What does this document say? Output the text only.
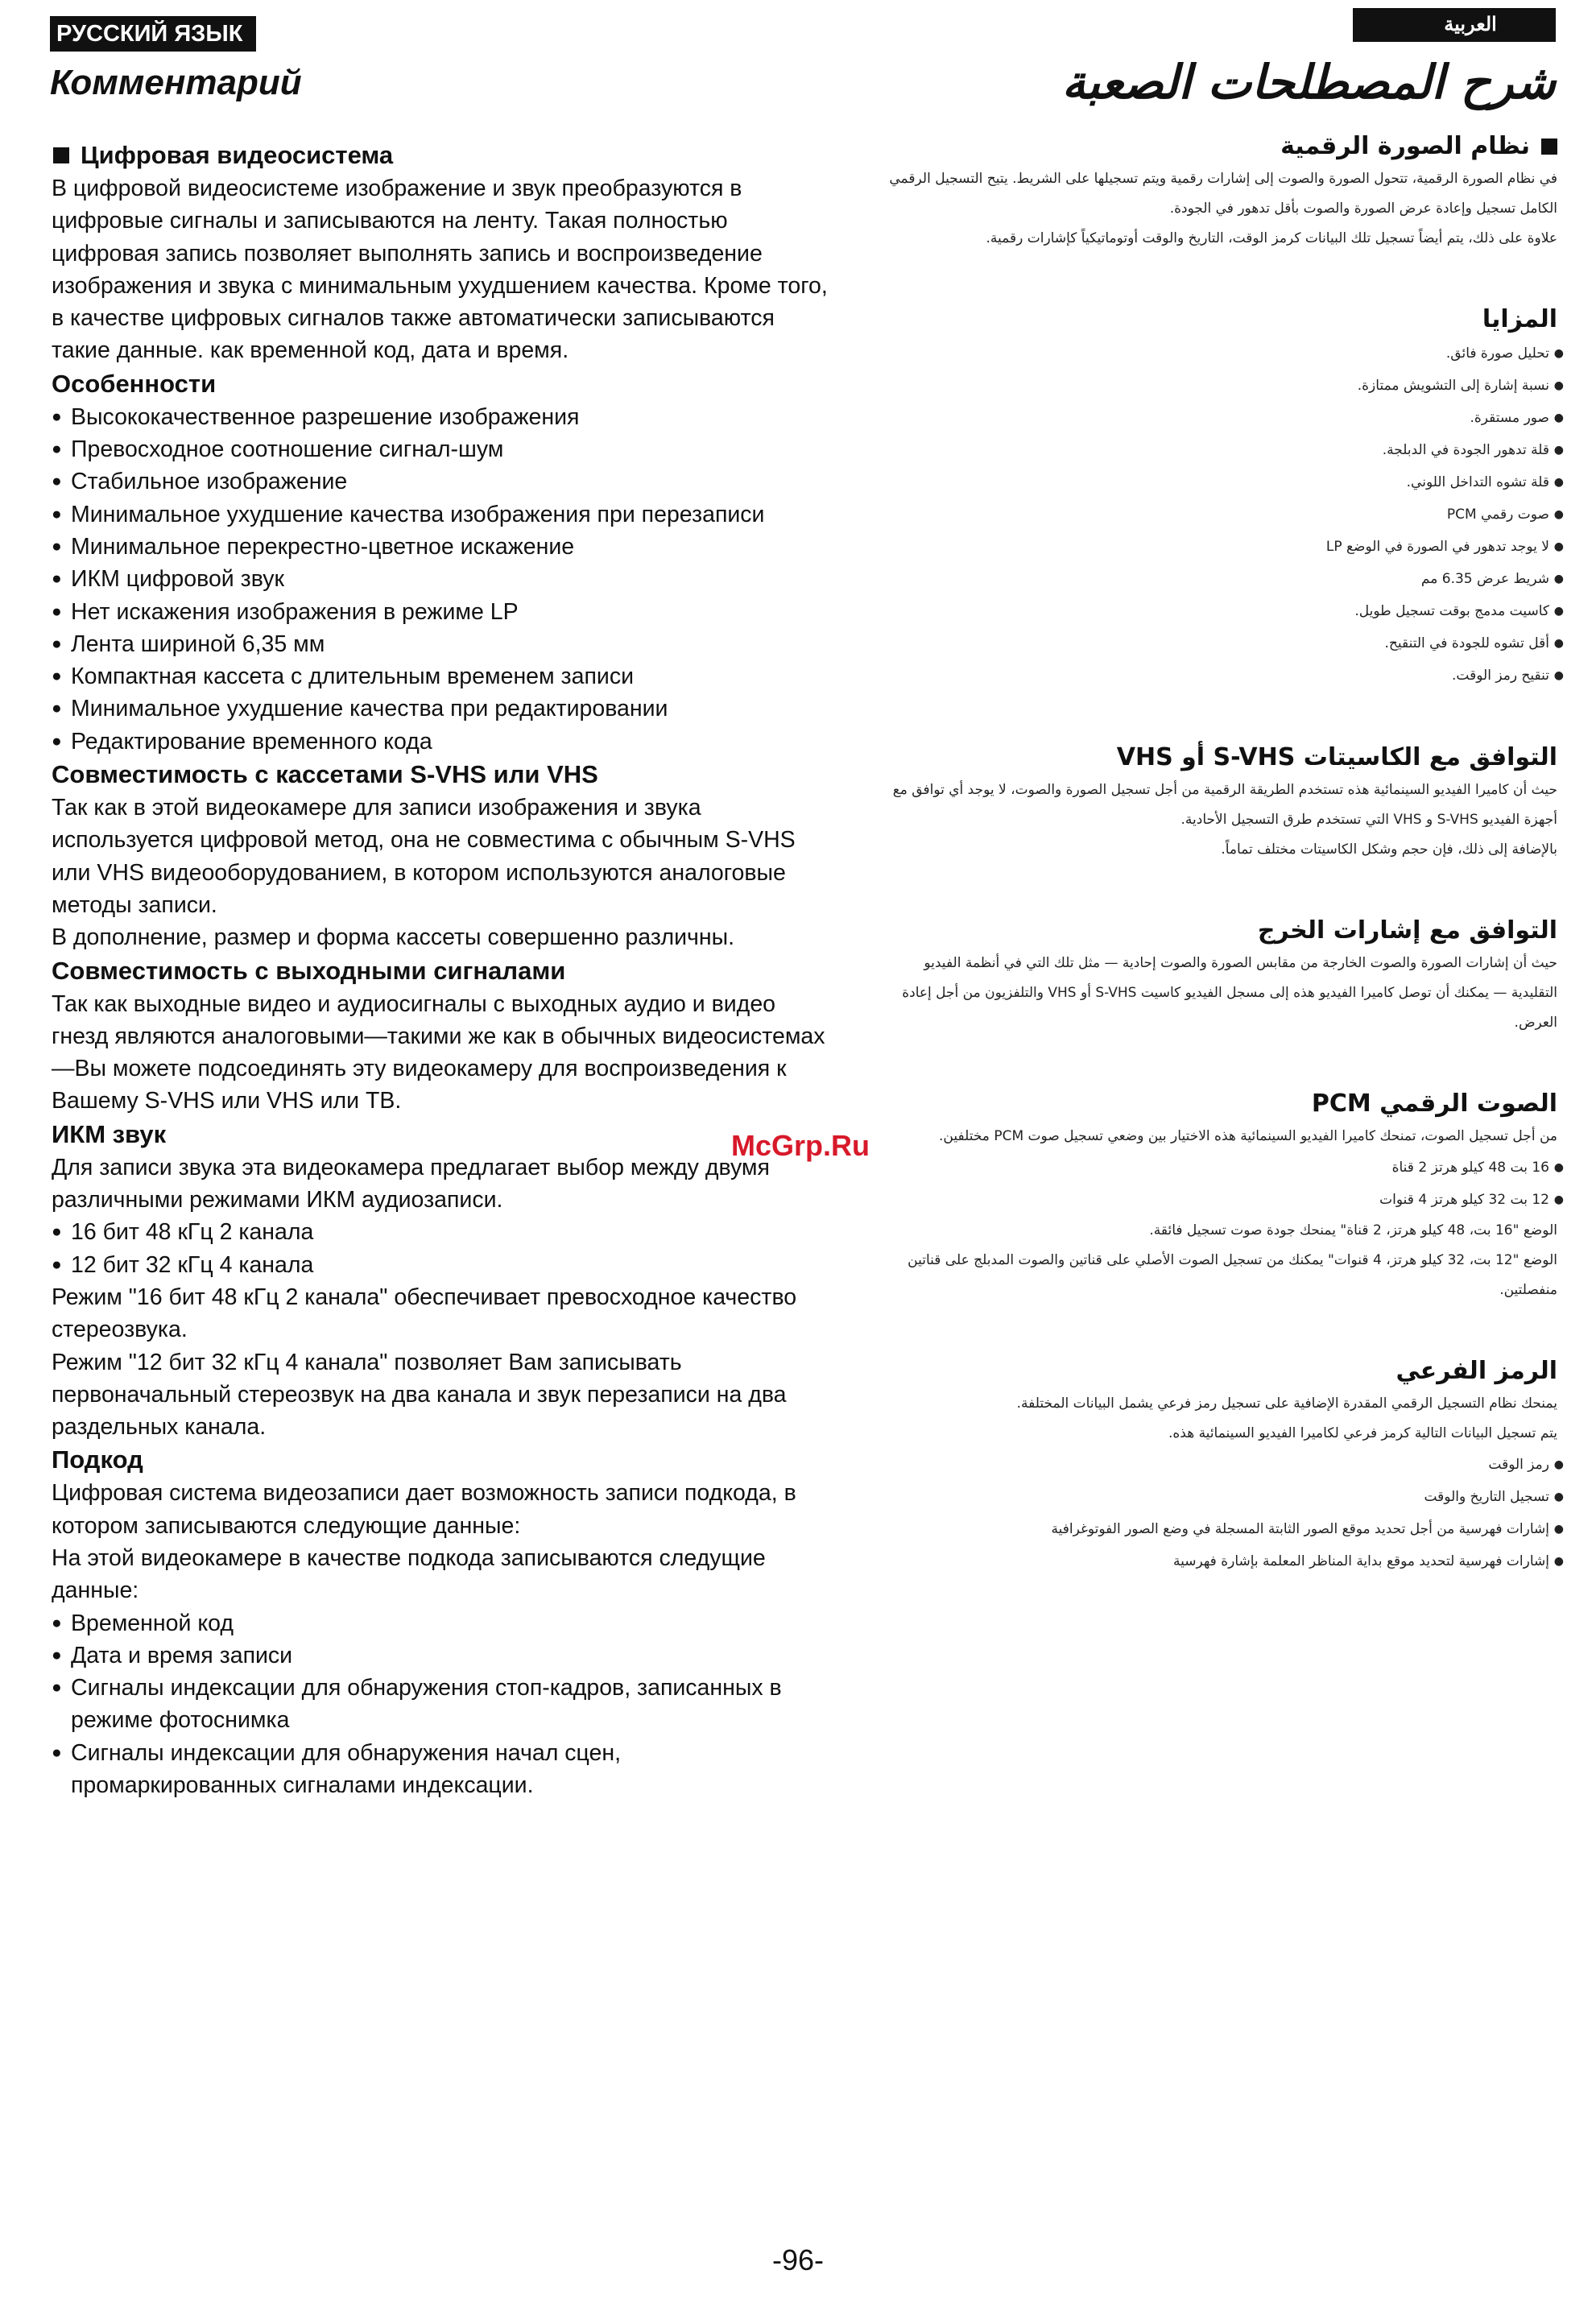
РУССКИЙ ЯЗЫК	العربية
Комментарий	شرح المصطلحات الصعبة
Цифровая видеосистема

В цифровой видеосистеме изображение и звук преобразуются в цифровые сигналы и записываются на ленту. Такая полностью цифровая запись позволяет выполнять запись и воспроизведение изображения и звука с минимальным ухудшением качества. Кроме того, в качестве цифровых сигналов также автоматически записываются такие данные. как временной код, дата и время.

Особенности
● Высококачественное разрешение изображения
● Превосходное соотношение сигнал-шум
● Стабильное изображение
● Минимальное ухудшение качества изображения при перезаписи
● Минимальное перекрестно-цветное искажение
● ИКМ цифровой звук
● Нет искажения изображения в режиме LP
● Лента шириной 6,35 мм
● Компактная кассета с длительным временем записи
● Минимальное ухудшение качества при редактировании
● Редактирование временного кода
Совместимость с кассетами S-VHS или VHS

Так как в этой видеокамере для записи изображения и звука используется цифровой метод, она не совместима с обычным S-VHS или VHS видеооборудованием, в котором используются аналоговые методы записи.

В дополнение, размер и форма кассеты совершенно различны.

Совместимость с выходными сигналами

Так как выходные видео и аудиосигналы с выходных аудио и видео гнезд являются аналоговыми—такими же как в обычных видеосистемах—Вы можете подсоединять эту видеокамеру для воспроизведения к Вашему S-VHS или VHS или ТВ.

ИКМ звук

Для записи звука эта видеокамера предлагает выбор между двумя различными режимами ИКМ аудиозаписи.

● 16 бит 48 кГц 2 канала
● 12 бит 32 кГц 4 канала

Режим "16 бит 48 кГц 2 канала" обеспечивает превосходное качество стереозвука.

Режим "12 бит 32 кГц 4 канала" позволяет Вам записывать первоначальный стереозвук на два канала и звук перезаписи на два раздельных канала.

Подкод

Цифровая система видеозаписи дает возможность записи подкода, в котором записываются следующие данные:

На этой видеокамере в качестве подкода записываются следущие данные:

● Временной код
● Дата и время записи
● Сигналы индексации для обнаружения стоп-кадров, записанных в режиме фотоснимка
● Сигналы индексации для обнаружения начал сцен, промаркированных сигналами индексации.
نظام الصورة الرقمية

في نظام الصورة الرقمية، تتحول الصورة والصوت إلى إشارات رقمية ويتم تسجيلها على الشريط. يتيح التسجيل الرقمي الكامل تسجيل وإعادة عرض الصورة والصوت بأقل تدهور في الجودة.

علاوة على ذلك، يتم أيضاً تسجيل تلك البيانات كرمز الوقت، التاريخ والوقت أوتوماتيكياً كإشارات رقمية.

المزايا
● تحليل صورة فائق.
● نسبة إشارة إلى التشويش ممتازة.
● صور مستقرة.
● قلة تدهور الجودة في الدبلجة.
● قلة تشوه التداخل اللوني.
● صوت رقمي PCM
● لا يوجد تدهور في الصورة في الوضع LP
● شريط عرض 6.35 مم
● كاسيت مدمج بوقت تسجيل طويل.
● أقل تشوه للجودة في التنقيح.
● تنقيح رمز الوقت.
التوافق مع الكاسيتات S-VHS أو VHS

حيث أن كاميرا الفيديو السينمائية هذه تستخدم الطريقة الرقمية من أجل تسجيل الصورة والصوت، لا يوجد أي توافق مع أجهزة الفيديو S-VHS و VHS التي تستخدم طرق التسجيل الأحادية.

بالإضافة إلى ذلك، فإن حجم وشكل الكاسيتات مختلف تماماً.

التوافق مع إشارات الخرج

حيث أن إشارات الصورة والصوت الخارجة من مقابس الصورة والصوت إحادية — مثل تلك التي في أنظمة الفيديو التقليدية — يمكنك أن توصل كاميرا الفيديو هذه إلى مسجل الفيديو كاسيت S-VHS أو VHS والتلفزيون من أجل إعادة العرض.

الصوت الرقمي PCM

من أجل تسجيل الصوت، تمنحك كاميرا الفيديو السينمائية هذه الاختيار بين وضعي تسجيل صوت PCM مختلفين.

● 16 بت 48 كيلو هرتز 2 قناة
● 12 بت 32 كيلو هرتز 4 قنوات

الوضع "16 بت، 48 كيلو هرتز، 2 قناة" يمنحك جودة صوت تسجيل فائقة.

الوضع "12 بت، 32 كيلو هرتز، 4 قنوات" يمكنك من تسجيل الصوت الأصلي على قناتين والصوت المدبلج على قناتين منفصلتين.

الرمز الفرعي

يمنحك نظام التسجيل الرقمي المقدرة الإضافية على تسجيل رمز فرعي يشمل البيانات المختلفة.

يتم تسجيل البيانات التالية كرمز فرعي لكاميرا الفيديو السينمائية هذه.

● رمز الوقت
● تسجيل التاريخ والوقت
● إشارات فهرسية من أجل تحديد موقع الصور الثابتة المسجلة في وضع الصور الفوتوغرافية
● إشارات فهرسية لتحديد موقع بداية المناظر المعلمة بإشارة فهرسية
McGrp.Ru
-96-
